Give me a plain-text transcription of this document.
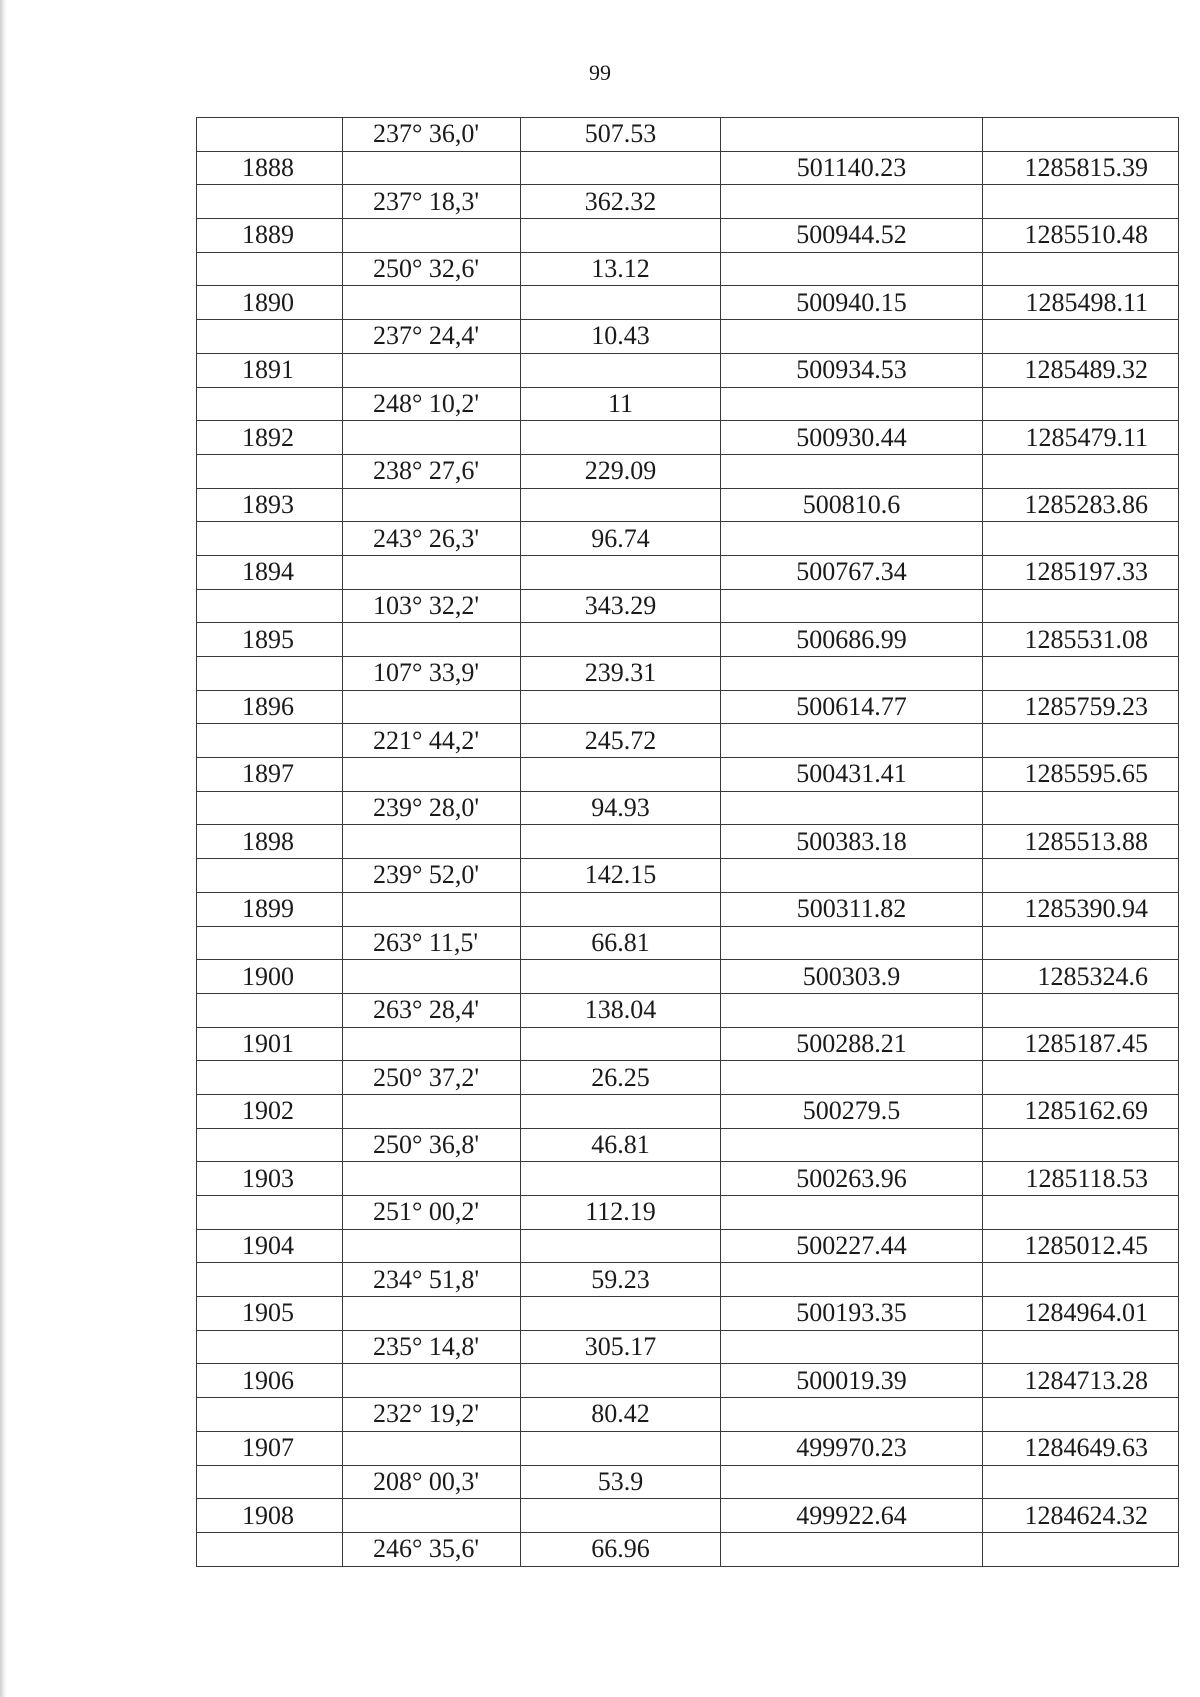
99
	237° 36,0'	507.53		
1888			501140.23	1285815.39
	237° 18,3'	362.32		
1889			500944.52	1285510.48
	250° 32,6'	13.12		
1890			500940.15	1285498.11
	237° 24,4'	10.43		
1891			500934.53	1285489.32
	248° 10,2'	11		
1892			500930.44	1285479.11
	238° 27,6'	229.09		
1893			500810.6	1285283.86
	243° 26,3'	96.74		
1894			500767.34	1285197.33
	103° 32,2'	343.29		
1895			500686.99	1285531.08
	107° 33,9'	239.31		
1896			500614.77	1285759.23
	221° 44,2'	245.72		
1897			500431.41	1285595.65
	239° 28,0'	94.93		
1898			500383.18	1285513.88
	239° 52,0'	142.15		
1899			500311.82	1285390.94
	263° 11,5'	66.81		
1900			500303.9	1285324.6
	263° 28,4'	138.04		
1901			500288.21	1285187.45
	250° 37,2'	26.25		
1902			500279.5	1285162.69
	250° 36,8'	46.81		
1903			500263.96	1285118.53
	251° 00,2'	112.19		
1904			500227.44	1285012.45
	234° 51,8'	59.23		
1905			500193.35	1284964.01
	235° 14,8'	305.17		
1906			500019.39	1284713.28
	232° 19,2'	80.42		
1907			499970.23	1284649.63
	208° 00,3'	53.9		
1908			499922.64	1284624.32
	246° 35,6'	66.96		
